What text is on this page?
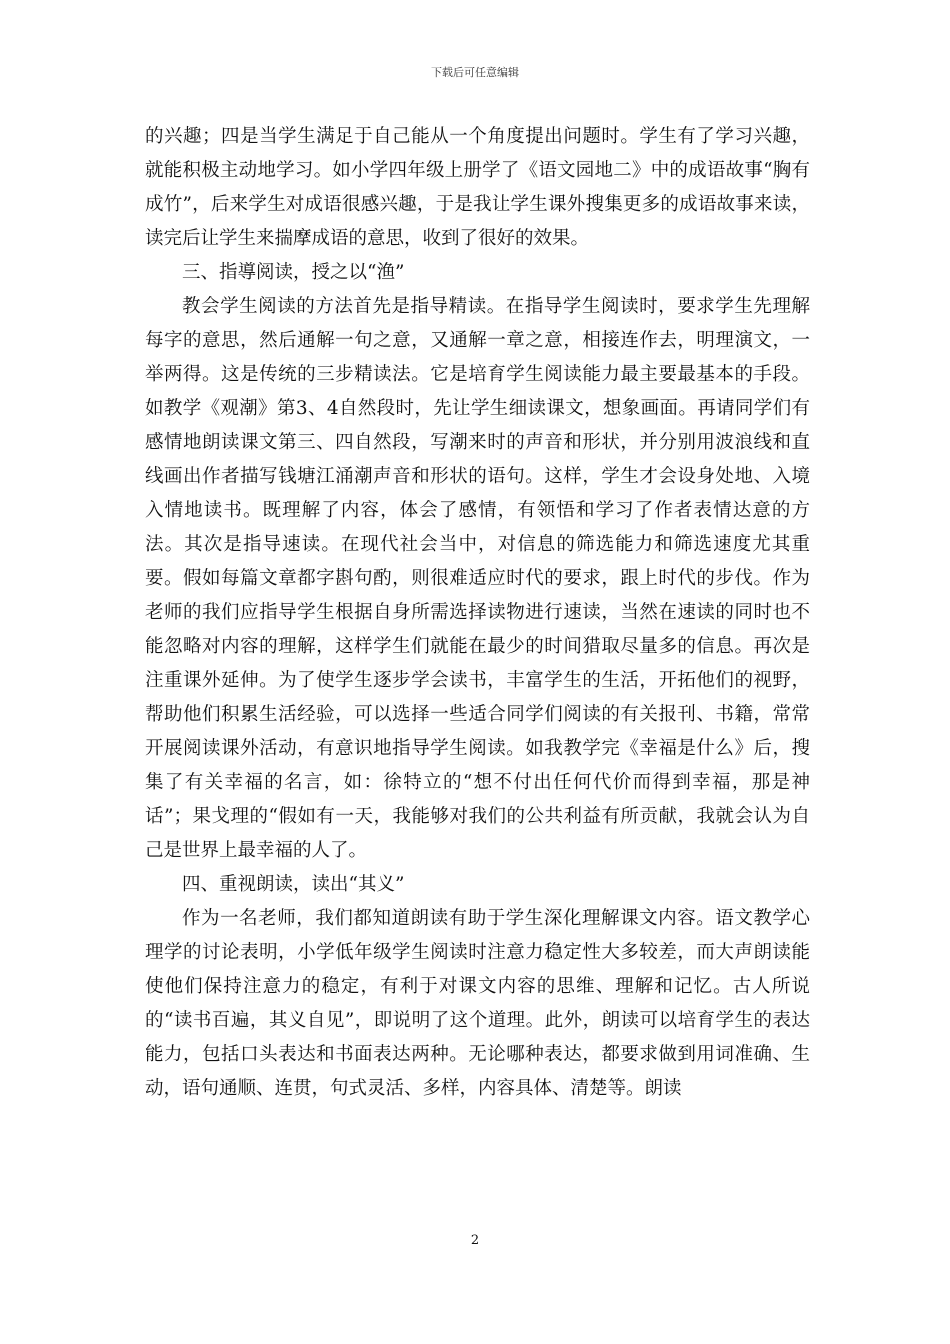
下载后可任意编辑

的兴趣；四是当学生满足于自己能从一个角度提出问题时。学生有了学习兴趣，就能积极主动地学习。如小学四年级上册学了《语文园地二》中的成语故事“胸有成竹”，后来学生对成语很感兴趣，于是我让学生课外搜集更多的成语故事来读，读完后让学生来揣摩成语的意思，收到了很好的效果。

三、指導阅读，授之以“渔”

教会学生阅读的方法首先是指导精读。在指导学生阅读时，要求学生先理解每字的意思，然后通解一句之意，又通解一章之意，相接连作去，明理演文，一举两得。这是传统的三步精读法。它是培育学生阅读能力最主要最基本的手段。如教学《观潮》第3、4自然段时，先让学生细读课文，想象画面。再请同学们有感情地朗读课文第三、四自然段，写潮来时的声音和形状，并分别用波浪线和直线画出作者描写钱塘江涌潮声音和形状的语句。这样，学生才会设身处地、入境入情地读书。既理解了内容，体会了感情，有领悟和学习了作者表情达意的方法。其次是指导速读。在现代社会当中，对信息的筛选能力和筛选速度尤其重要。假如每篇文章都字斟句酌，则很难适应时代的要求，跟上时代的步伐。作为老师的我们应指导学生根据自身所需选择读物进行速读，当然在速读的同时也不能忽略对内容的理解，这样学生们就能在最少的时间猎取尽量多的信息。再次是注重课外延伸。为了使学生逐步学会读书，丰富学生的生活，开拓他们的视野，帮助他们积累生活经验，可以选择一些适合同学们阅读的有关报刊、书籍，常常开展阅读课外活动，有意识地指导学生阅读。如我教学完《幸福是什么》后，搜集了有关幸福的名言，如：徐特立的“想不付出任何代价而得到幸福，那是神话”；果戈理的“假如有一天，我能够对我们的公共利益有所贡献，我就会认为自己是世界上最幸福的人了。

四、重视朗读，读出“其义”

作为一名老师，我们都知道朗读有助于学生深化理解课文内容。语文教学心理学的讨论表明，小学低年级学生阅读时注意力稳定性大多较差，而大声朗读能使他们保持注意力的稳定，有利于对课文内容的思维、理解和记忆。古人所说的“读书百遍，其义自见”，即说明了这个道理。此外，朗读可以培育学生的表达能力，包括口头表达和书面表达两种。无论哪种表达，都要求做到用词准确、生动，语句通顺、连贯，句式灵活、多样，内容具体、清楚等。朗读

2
